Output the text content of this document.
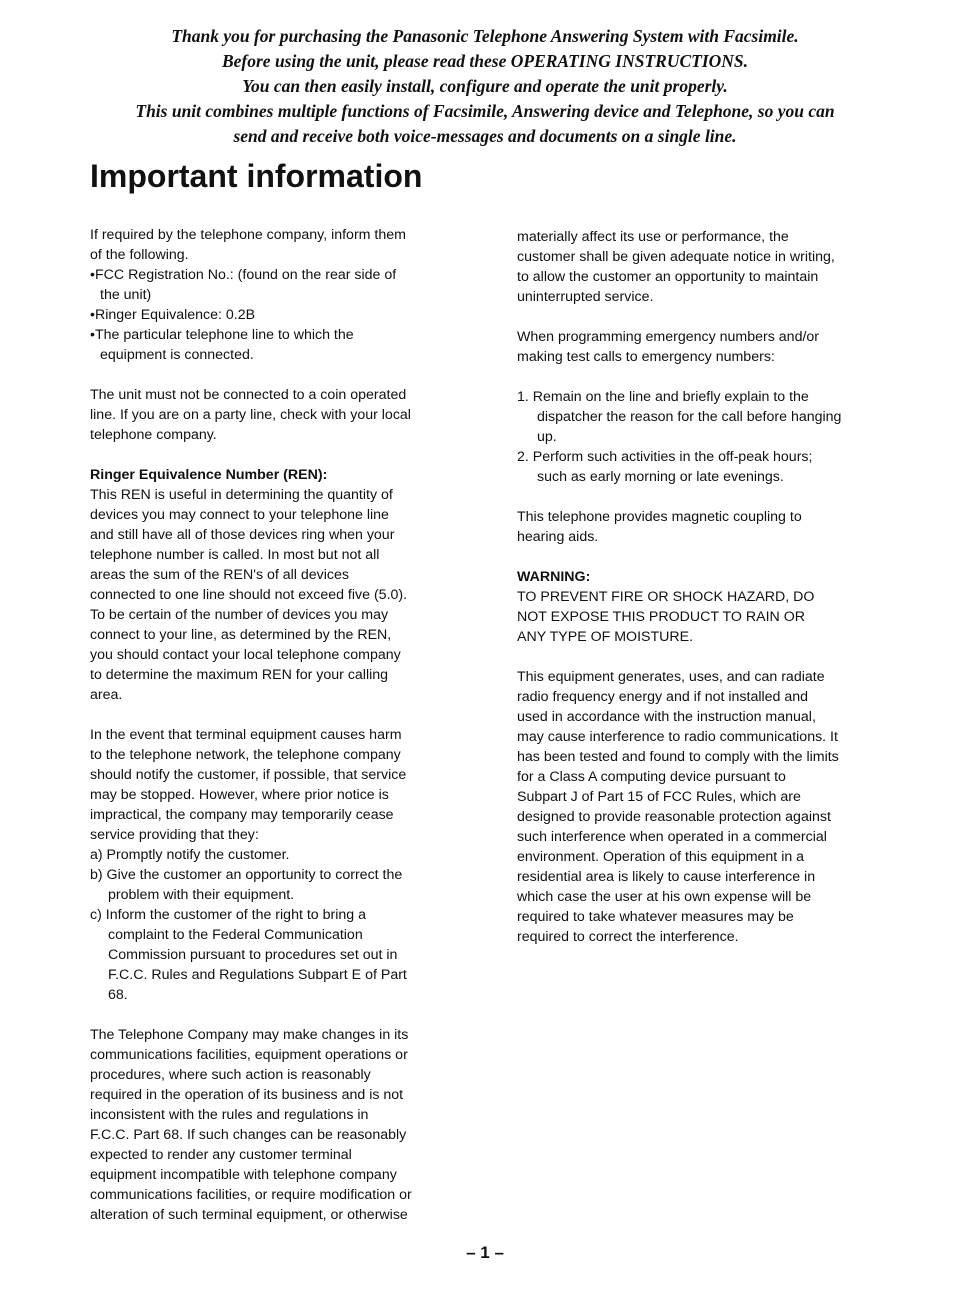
Thank you for purchasing the Panasonic Telephone Answering System with Facsimile.
Before using the unit, please read these OPERATING INSTRUCTIONS.
You can then easily install, configure and operate the unit properly.
This unit combines multiple functions of Facsimile, Answering device and Telephone, so you can
send and receive both voice-messages and documents on a single line.
Important information

If required by the telephone company, inform them

of the following.

•FCC Registration No.: (found on the rear side of

the unit)

•Ringer Equivalence: 0.2B

•The particular telephone line to which the

equipment is connected.

The unit must not be connected to a coin operated

line. If you are on a party line, check with your local

telephone company.

Ringer Equivalence Number (REN):

This REN is useful in determining the quantity of

devices you may connect to your telephone line

and still have all of those devices ring when your

telephone number is called. In most but not all

areas the sum of the REN's of all devices

connected to one line should not exceed five (5.0).

To be certain of the number of devices you may

connect to your line, as determined by the REN,

you should contact your local telephone company

to determine the maximum REN for your calling

area.

In the event that terminal equipment causes harm

to the telephone network, the telephone company

should notify the customer, if possible, that service

may be stopped. However, where prior notice is

impractical, the company may temporarily cease

service providing that they:

a) Promptly notify the customer.

b) Give the customer an opportunity to correct the

problem with their equipment.

c) Inform the customer of the right to bring a

complaint to the Federal Communication

Commission pursuant to procedures set out in

F.C.C. Rules and Regulations Subpart E of Part

68.

The Telephone Company may make changes in its

communications facilities, equipment operations or

procedures, where such action is reasonably

required in the operation of its business and is not

inconsistent with the rules and regulations in

F.C.C. Part 68. If such changes can be reasonably

expected to render any customer terminal

equipment incompatible with telephone company

communications facilities, or require modification or

alteration of such terminal equipment, or otherwise

materially affect its use or performance, the

customer shall be given adequate notice in writing,

to allow the customer an opportunity to maintain

uninterrupted service.

When programming emergency numbers and/or

making test calls to emergency numbers:

1. Remain on the line and briefly explain to the

dispatcher the reason for the call before hanging

up.

2. Perform such activities in the off-peak hours;

such as early morning or late evenings.

This telephone provides magnetic coupling to

hearing aids.

WARNING:

TO PREVENT FIRE OR SHOCK HAZARD, DO

NOT EXPOSE THIS PRODUCT TO RAIN OR

ANY TYPE OF MOISTURE.

This equipment generates, uses, and can radiate

radio frequency energy and if not installed and

used in accordance with the instruction manual,

may cause interference to radio communications. It

has been tested and found to comply with the limits

for a Class A computing device pursuant to

Subpart J of Part 15 of FCC Rules, which are

designed to provide reasonable protection against

such interference when operated in a commercial

environment. Operation of this equipment in a

residential area is likely to cause interference in

which case the user at his own expense will be

required to take whatever measures may be

required to correct the interference.

– 1 –
